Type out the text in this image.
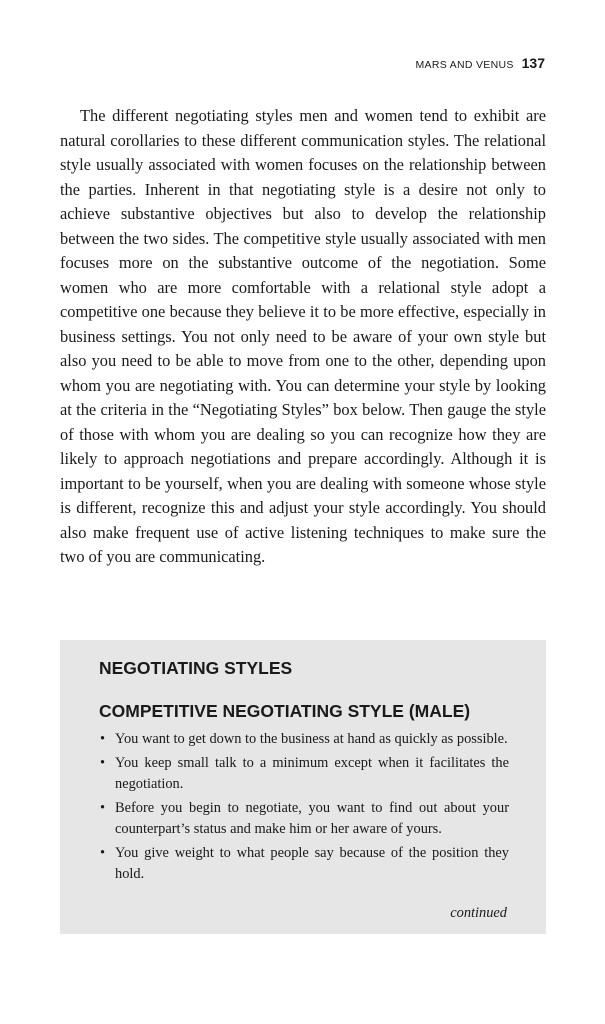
MARS AND VENUS 137

The different negotiating styles men and women tend to exhibit are natural corollaries to these different communication styles. The relational style usually associated with women focuses on the relationship between the parties. Inherent in that negotiating style is a desire not only to achieve substantive objectives but also to develop the relationship between the two sides. The competitive style usually associated with men focuses more on the substantive outcome of the negotiation. Some women who are more comfortable with a relational style adopt a competitive one because they believe it to be more effective, especially in business settings. You not only need to be aware of your own style but also you need to be able to move from one to the other, depending upon whom you are negotiating with. You can determine your style by looking at the criteria in the “Negotiating Styles” box below. Then gauge the style of those with whom you are dealing so you can recognize how they are likely to approach negotiations and prepare accordingly. Although it is important to be yourself, when you are dealing with someone whose style is different, recognize this and adjust your style accordingly. You should also make frequent use of active listening techniques to make sure the two of you are communicating.

NEGOTIATING STYLES
COMPETITIVE NEGOTIATING STYLE (MALE)
• You want to get down to the business at hand as quickly as possible.
• You keep small talk to a minimum except when it facilitates the negotiation.
• Before you begin to negotiate, you want to find out about your counterpart’s status and make him or her aware of yours.
• You give weight to what people say because of the position they hold.
continued
